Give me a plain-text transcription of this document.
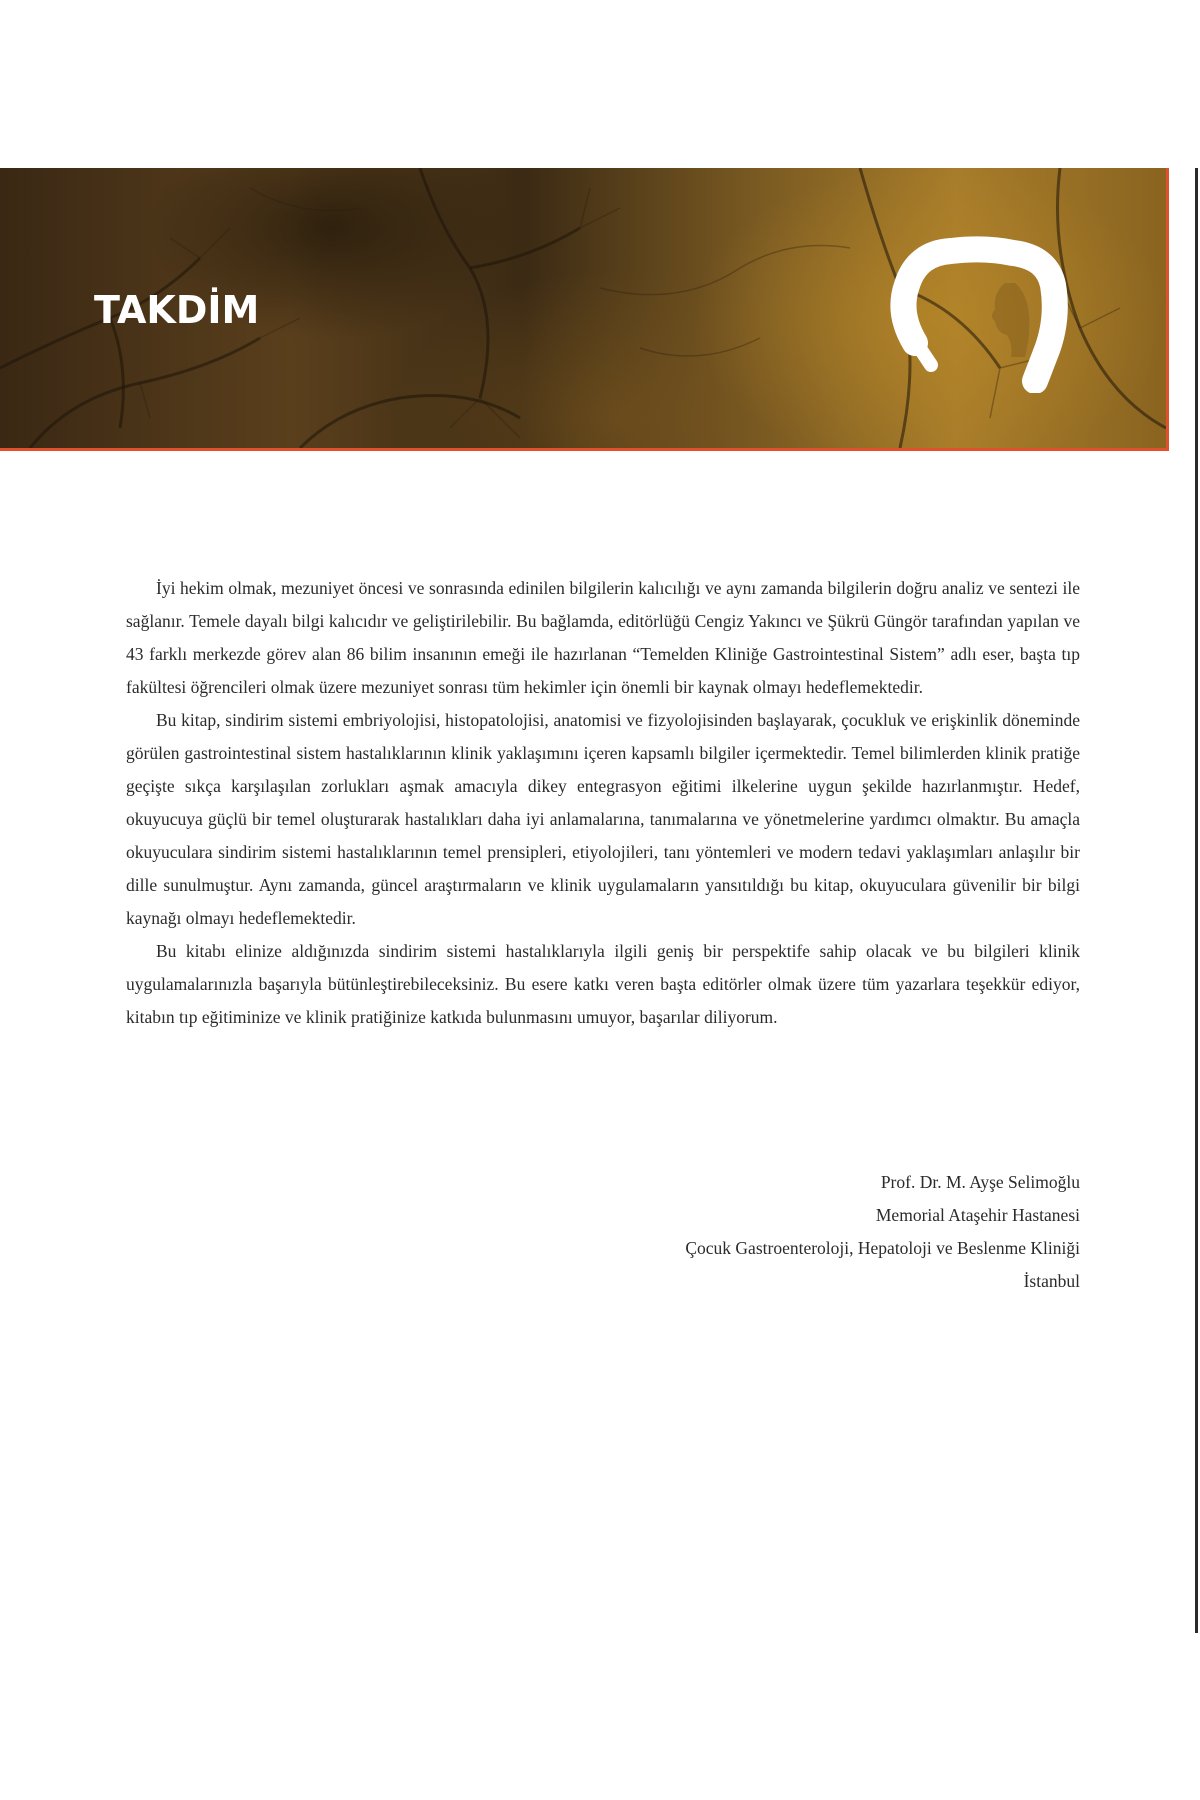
TAKDİM

İyi hekim olmak, mezuniyet öncesi ve sonrasında edinilen bilgilerin kalıcılığı ve aynı zamanda bilgilerin doğru analiz ve sentezi ile sağlanır. Temele dayalı bilgi kalıcıdır ve geliştirilebilir. Bu bağlamda, editörlüğü Cengiz Yakıncı ve Şükrü Güngör tarafından yapılan ve 43 farklı merkezde görev alan 86 bilim insanının emeği ile hazırlanan “Temelden Kliniğe Gastrointestinal Sistem” adlı eser, başta tıp fakültesi öğrencileri olmak üzere mezuniyet sonrası tüm hekimler için önemli bir kaynak olmayı hedeflemektedir.

Bu kitap, sindirim sistemi embriyolojisi, histopatolojisi, anatomisi ve fizyolojisinden başlayarak, çocukluk ve erişkinlik döneminde görülen gastrointestinal sistem hastalıklarının klinik yaklaşımını içeren kapsamlı bilgiler içermektedir. Temel bilimlerden klinik pratiğe geçişte sıkça karşılaşılan zorlukları aşmak amacıyla dikey entegrasyon eğitimi ilkelerine uygun şekilde hazırlanmıştır. Hedef, okuyucuya güçlü bir temel oluşturarak hastalıkları daha iyi anlamalarına, tanımalarına ve yönetmelerine yardımcı olmaktır. Bu amaçla okuyuculara sindirim sistemi hastalıklarının temel prensipleri, etiyolojileri, tanı yöntemleri ve modern tedavi yaklaşımları anlaşılır bir dille sunulmuştur. Aynı zamanda, güncel araştırmaların ve klinik uygulamaların yansıtıldığı bu kitap, okuyuculara güvenilir bir bilgi kaynağı olmayı hedeflemektedir.

Bu kitabı elinize aldığınızda sindirim sistemi hastalıklarıyla ilgili geniş bir perspektife sahip olacak ve bu bilgileri klinik uygulamalarınızla başarıyla bütünleştirebileceksiniz. Bu esere katkı veren başta editörler olmak üzere tüm yazarlara teşekkür ediyor, kitabın tıp eğitiminize ve klinik pratiğinize katkıda bulunmasını umuyor, başarılar diliyorum.

Prof. Dr. M. Ayşe Selimoğlu
Memorial Ataşehir Hastanesi
Çocuk Gastroenteroloji, Hepatoloji ve Beslenme Kliniği
İstanbul
